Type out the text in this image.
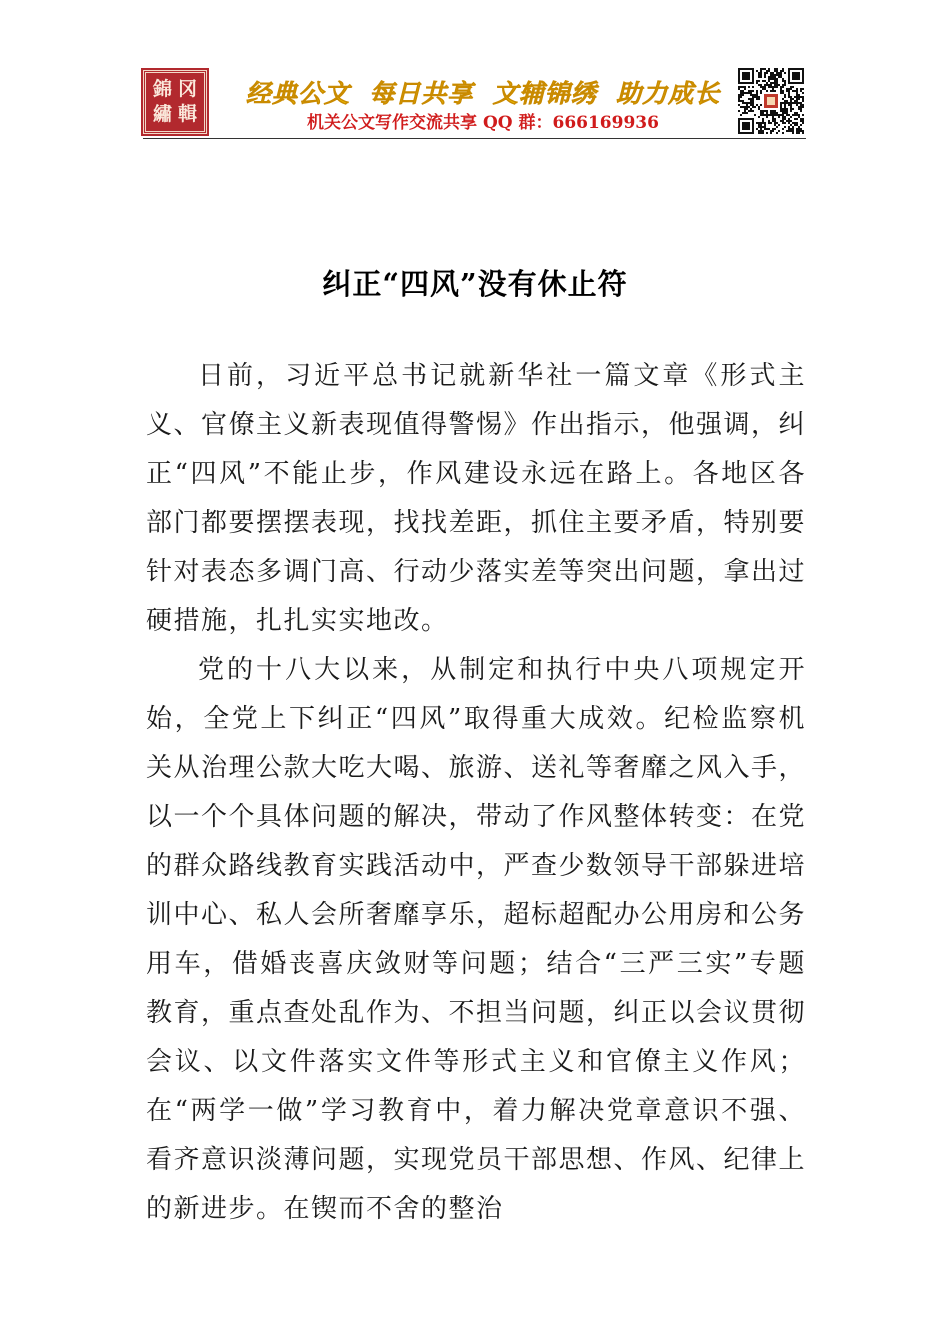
錦 冈
繡 輯
经典公文  每日共享  文辅锦绣  助力成长
机关公文写作交流共享 QQ 群：666169936
纠正“四风”没有休止符

日前，习近平总书记就新华社一篇文章《形式主义、官僚主义新表现值得警惕》作出指示，他强调，纠正“四风”不能止步，作风建设永远在路上。各地区各部门都要摆摆表现，找找差距，抓住主要矛盾，特别要针对表态多调门高、行动少落实差等突出问题，拿出过硬措施，扎扎实实地改。

党的十八大以来，从制定和执行中央八项规定开始，全党上下纠正“四风”取得重大成效。纪检监察机关从治理公款大吃大喝、旅游、送礼等奢靡之风入手，以一个个具体问题的解决，带动了作风整体转变：在党的群众路线教育实践活动中，严查少数领导干部躲进培训中心、私人会所奢靡享乐，超标超配办公用房和公务用车，借婚丧喜庆敛财等问题；结合“三严三实”专题教育，重点查处乱作为、不担当问题，纠正以会议贯彻会议、以文件落实文件等形式主义和官僚主义作风；在“两学一做”学习教育中，着力解决党章意识不强、看齐意识淡薄问题，实现党员干部思想、作风、纪律上的新进步。在锲而不舍的整治
